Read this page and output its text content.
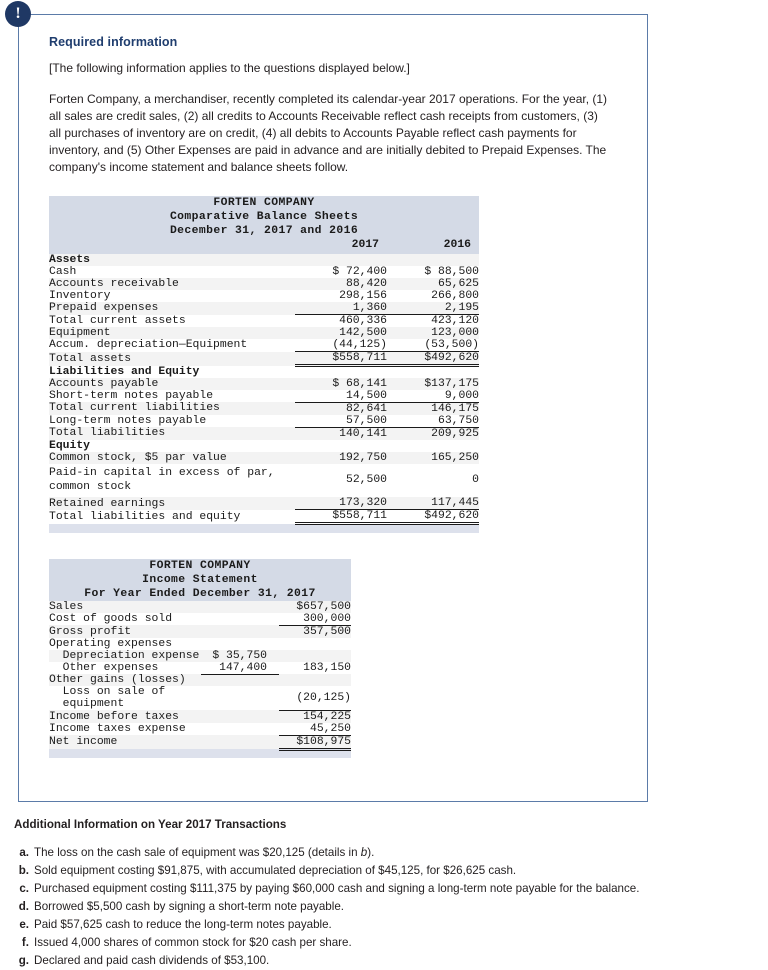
!
Required information
[The following information applies to the questions displayed below.]
Forten Company, a merchandiser, recently completed its calendar-year 2017 operations. For the year, (1) all sales are credit sales, (2) all credits to Accounts Receivable reflect cash receipts from customers, (3) all purchases of inventory are on credit, (4) all debits to Accounts Payable reflect cash payments for inventory, and (5) Other Expenses are paid in advance and are initially debited to Prepaid Expenses. The company's income statement and balance sheets follow.
FORTEN COMPANY		
Comparative Balance Sheets		
December 31, 2017 and 2016		
	2017	2016
Assets		
Cash	$ 72,400	$ 88,500
Accounts receivable	88,420	65,625
Inventory	298,156	266,800
Prepaid expenses	1,360	2,195
Total current assets	460,336	423,120
Equipment	142,500	123,000
Accum. depreciation—Equipment	(44,125)	(53,500)
Total assets	$558,711	$492,620
Liabilities and Equity		
Accounts payable	$ 68,141	$137,175
Short-term notes payable	14,500	9,000
Total current liabilities	82,641	146,175
Long-term notes payable	57,500	63,750
Total liabilities	140,141	209,925
Equity		
Common stock, $5 par value	192,750	165,250
Paid-in capital in excess of par,
common stock	52,500	0
Retained earnings	173,320	117,445
Total liabilities and equity	$558,711	$492,620

FORTEN COMPANY		
Income Statement		
For Year Ended December 31, 2017		
Sales		$657,500
Cost of goods sold		300,000
Gross profit		357,500
Operating expenses		
Depreciation expense	$ 35,750	
Other expenses	147,400	183,150
Other gains (losses)		
Loss on sale of
equipment		(20,125)
Income before taxes		154,225
Income taxes expense		45,250
Net income		$108,975

Additional Information on Year 2017 Transactions
a. The loss on the cash sale of equipment was $20,125 (details in b).
b. Sold equipment costing $91,875, with accumulated depreciation of $45,125, for $26,625 cash.
c. Purchased equipment costing $111,375 by paying $60,000 cash and signing a long-term note payable for the balance.
d. Borrowed $5,500 cash by signing a short-term note payable.
e. Paid $57,625 cash to reduce the long-term notes payable.
f. Issued 4,000 shares of common stock for $20 cash per share.
g. Declared and paid cash dividends of $53,100.
